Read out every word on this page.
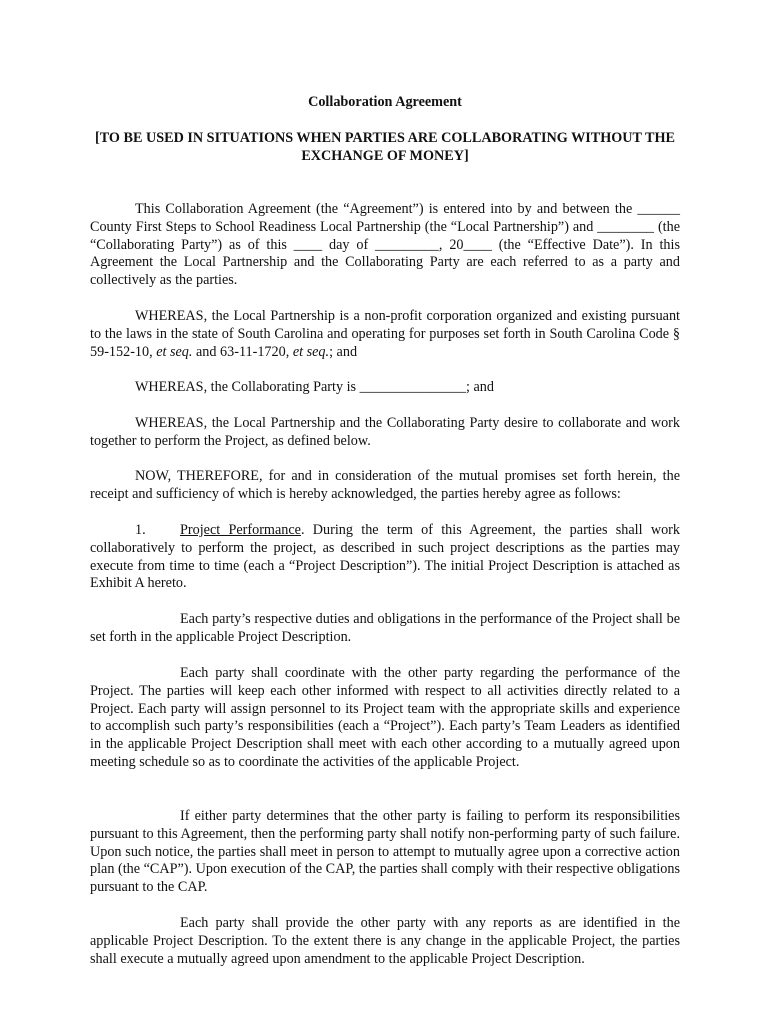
Collaboration Agreement
[TO BE USED IN SITUATIONS WHEN PARTIES ARE COLLABORATING WITHOUT THE EXCHANGE OF MONEY]

This Collaboration Agreement (the “Agreement”) is entered into by and between the ______ County First Steps to School Readiness Local Partnership (the “Local Partnership”) and ________ (the “Collaborating Party”) as of this ____ day of _________, 20____ (the “Effective Date”). In this Agreement the Local Partnership and the Collaborating Party are each referred to as a party and collectively as the parties.

WHEREAS, the Local Partnership is a non-profit corporation organized and existing pursuant to the laws in the state of South Carolina and operating for purposes set forth in South Carolina Code § 59-152-10, et seq. and 63-11-1720, et seq.; and

WHEREAS, the Collaborating Party is _______________; and

WHEREAS, the Local Partnership and the Collaborating Party desire to collaborate and work together to perform the Project, as defined below.

NOW, THEREFORE, for and in consideration of the mutual promises set forth herein, the receipt and sufficiency of which is hereby acknowledged, the parties hereby agree as follows:

1. Project Performance. During the term of this Agreement, the parties shall work collaboratively to perform the project, as described in such project descriptions as the parties may execute from time to time (each a “Project Description”). The initial Project Description is attached as Exhibit A hereto.

Each party’s respective duties and obligations in the performance of the Project shall be set forth in the applicable Project Description.

Each party shall coordinate with the other party regarding the performance of the Project. The parties will keep each other informed with respect to all activities directly related to a Project. Each party will assign personnel to its Project team with the appropriate skills and experience to accomplish such party’s responsibilities (each a “Project”). Each party’s Team Leaders as identified in the applicable Project Description shall meet with each other according to a mutually agreed upon meeting schedule so as to coordinate the activities of the applicable Project.

If either party determines that the other party is failing to perform its responsibilities pursuant to this Agreement, then the performing party shall notify non-performing party of such failure. Upon such notice, the parties shall meet in person to attempt to mutually agree upon a corrective action plan (the “CAP”). Upon execution of the CAP, the parties shall comply with their respective obligations pursuant to the CAP.

Each party shall provide the other party with any reports as are identified in the applicable Project Description. To the extent there is any change in the applicable Project, the parties shall execute a mutually agreed upon amendment to the applicable Project Description.
